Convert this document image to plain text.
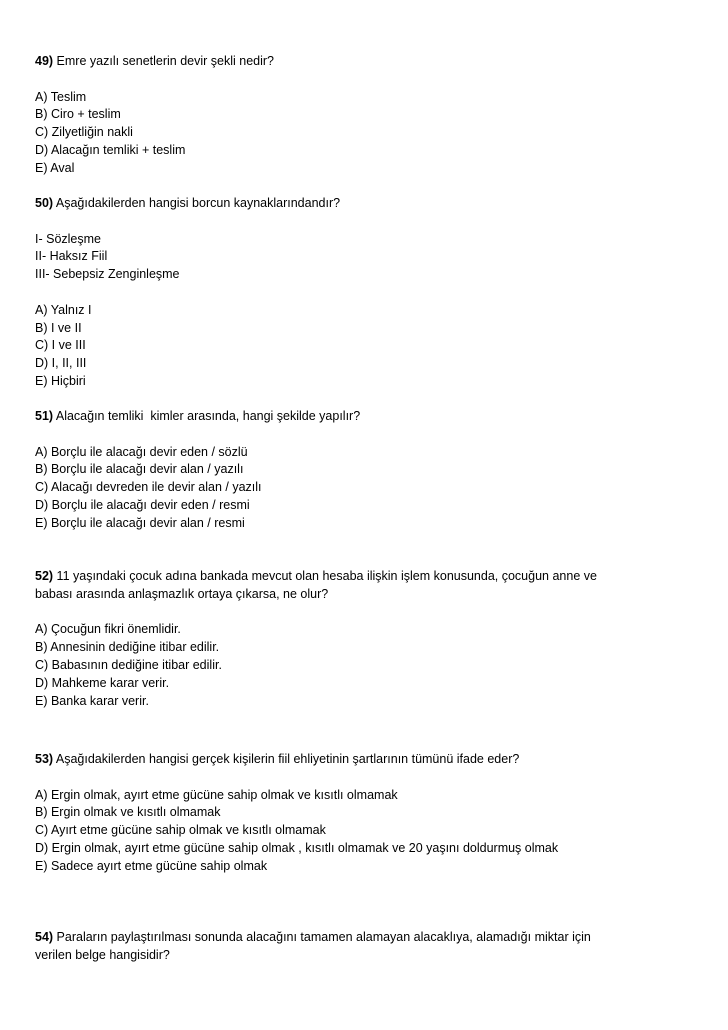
49) Emre yazılı senetlerin devir şekli nedir?
A) Teslim
B) Ciro + teslim
C) Zilyetliğin nakli
D) Alacağın temliki + teslim
E) Aval
50) Aşağıdakilerden hangisi borcun kaynaklarındandır?
I- Sözleşme
II- Haksız Fiil
III- Sebepsiz Zenginleşme
A) Yalnız I
B) I ve II
C) I ve III
D) I, II, III
E) Hiçbiri
51) Alacağın temliki  kimler arasında, hangi şekilde yapılır?
A) Borçlu ile alacağı devir eden / sözlü
B) Borçlu ile alacağı devir alan / yazılı
C) Alacağı devreden ile devir alan / yazılı
D) Borçlu ile alacağı devir eden / resmi
E) Borçlu ile alacağı devir alan / resmi
52) 11 yaşındaki çocuk adına bankada mevcut olan hesaba ilişkin işlem konusunda, çocuğun anne ve
babası arasında anlaşmazlık ortaya çıkarsa, ne olur?
A) Çocuğun fikri önemlidir.
B) Annesinin dediğine itibar edilir.
C) Babasının dediğine itibar edilir.
D) Mahkeme karar verir.
E) Banka karar verir.
53) Aşağıdakilerden hangisi gerçek kişilerin fiil ehliyetinin şartlarının tümünü ifade eder?
A) Ergin olmak, ayırt etme gücüne sahip olmak ve kısıtlı olmamak
B) Ergin olmak ve kısıtlı olmamak
C) Ayırt etme gücüne sahip olmak ve kısıtlı olmamak
D) Ergin olmak, ayırt etme gücüne sahip olmak , kısıtlı olmamak ve 20 yaşını doldurmuş olmak
E) Sadece ayırt etme gücüne sahip olmak
54) Paraların paylaştırılması sonunda alacağını tamamen alamayan alacaklıya, alamadığı miktar için
verilen belge hangisidir?
